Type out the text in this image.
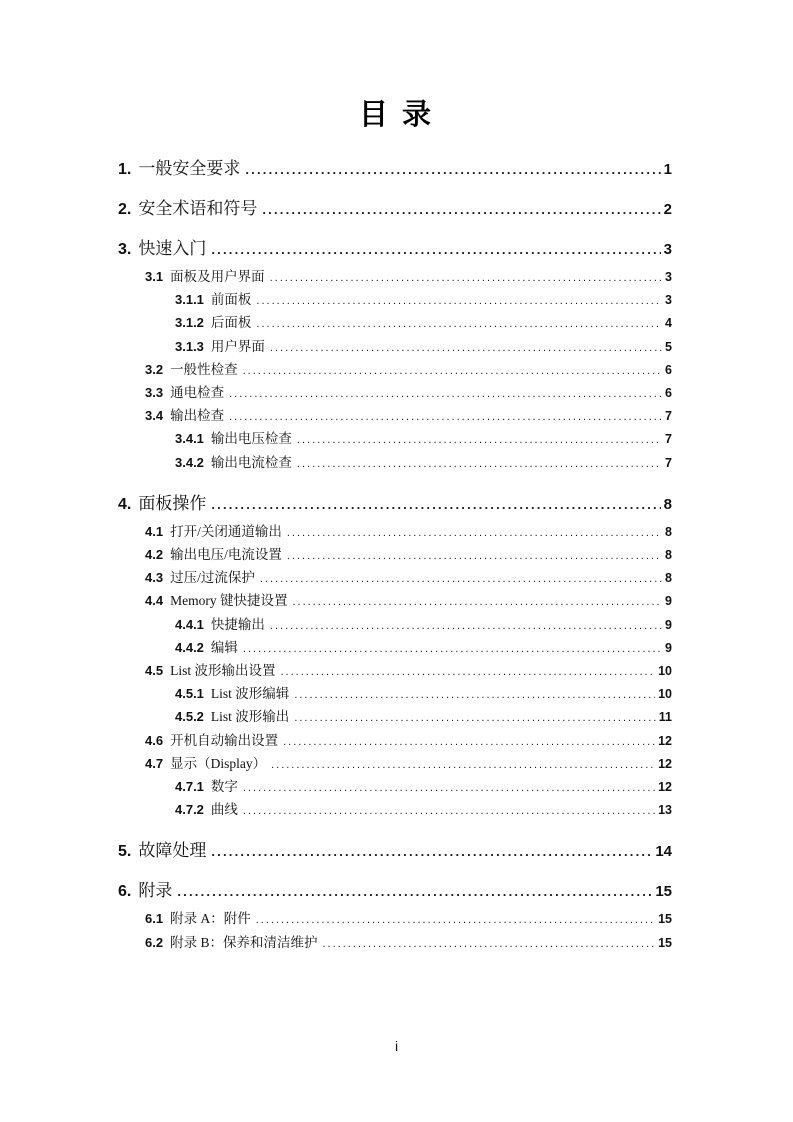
目 录
1. 一般安全要求 .....	1
2. 安全术语和符号 .....	2
3. 快速入门 .....	3
3.1 面板及用户界面 .....	3
3.1.1 前面板 .....	3
3.1.2 后面板 .....	4
3.1.3 用户界面 .....	5
3.2 一般性检查 .....	6
3.3 通电检查 .....	6
3.4 输出检查 .....	7
3.4.1 输出电压检查 .....	7
3.4.2 输出电流检查 .....	7
4. 面板操作 .....	8
4.1 打开/关闭通道输出 .....	8
4.2 输出电压/电流设置 .....	8
4.3 过压/过流保护 .....	8
4.4 Memory 键快捷设置 .....	9
4.4.1 快捷输出 .....	9
4.4.2 编辑 .....	9
4.5 List 波形输出设置 .....	10
4.5.1 List 波形编辑 .....	10
4.5.2 List 波形输出 .....	11
4.6 开机自动输出设置 .....	12
4.7 显示（Display） .....	12
4.7.1 数字 .....	12
4.7.2 曲线 .....	13
5. 故障处理 .....	14
6. 附录 .....	15
6.1 附录 A：附件 .....	15
6.2 附录 B：保养和清洁维护 .....	15
i
